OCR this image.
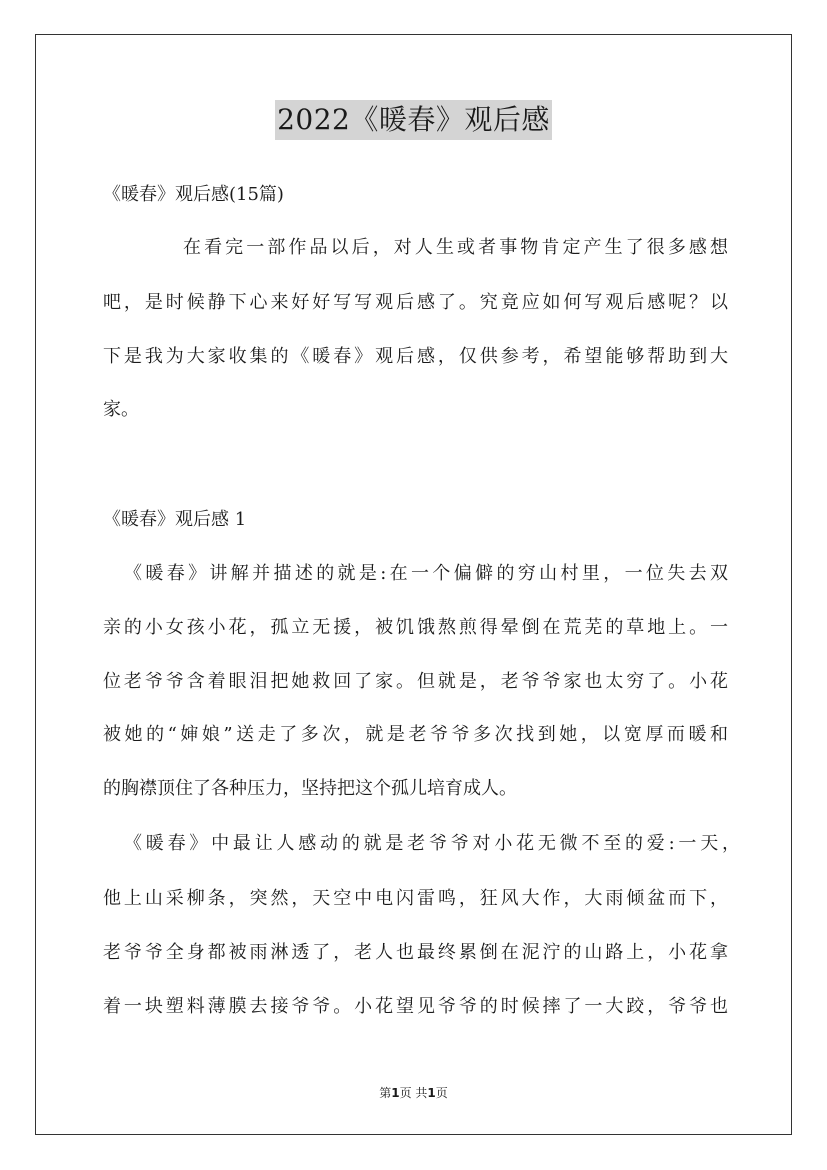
2022《暖春》观后感
《暖春》观后感(15篇)
在看完一部作品以后，对人生或者事物肯定产生了很多感想
吧，是时候静下心来好好写写观后感了。究竟应如何写观后感呢？以
下是我为大家收集的《暖春》观后感，仅供参考，希望能够帮助到大
家。
《暖春》观后感 1
《暖春》讲解并描述的就是:在一个偏僻的穷山村里，一位失去双
亲的小女孩小花，孤立无援，被饥饿熬煎得晕倒在荒芜的草地上。一
位老爷爷含着眼泪把她救回了家。但就是，老爷爷家也太穷了。小花
被她的“婶娘”送走了多次，就是老爷爷多次找到她，以宽厚而暖和
的胸襟顶住了各种压力，坚持把这个孤儿培育成人。
《暖春》中最让人感动的就是老爷爷对小花无微不至的爱:一天，
他上山采柳条，突然，天空中电闪雷鸣，狂风大作，大雨倾盆而下，
老爷爷全身都被雨淋透了，老人也最终累倒在泥泞的山路上，小花拿
着一块塑料薄膜去接爷爷。小花望见爷爷的时候摔了一大跤，爷爷也
第1页 共1页
